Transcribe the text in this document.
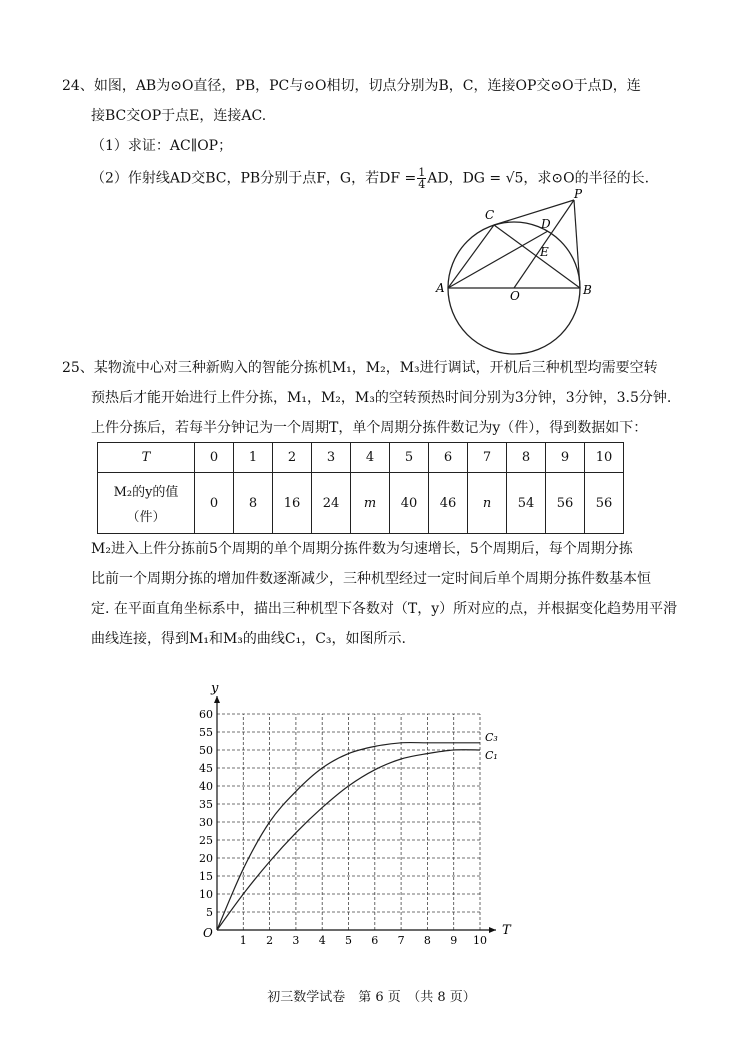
24、如图，AB为⊙O直径，PB，PC与⊙O相切，切点分别为B，C，连接OP交⊙O于点D，连
接BC交OP于点E，连接AC.
（1）求证：AC∥OP；
（2）作射线AD交BC，PB分别于点F，G，若DF = $\frac{1}{4}$ AD，DG = √5，求⊙O的半径的长.
A	B
C
D
E
O
P
25、某物流中心对三种新购入的智能分拣机M₁，M₂，M₃进行调试，开机后三种机型均需要空转
预热后才能开始进行上件分拣，M₁，M₂，M₃的空转预热时间分别为3分钟，3分钟，3.5分钟.
上件分拣后，若每半分钟记为一个周期T，单个周期分拣件数记为y（件），得到数据如下：
T	0	1	2	3	4	5	6	7	8	9	10

M₂的y的值
（件）	0	8	16	24	m	40	46	n	54	56	56
M₂进入上件分拣前5个周期的单个周期分拣件数为匀速增长，5个周期后，每个周期分拣
比前一个周期分拣的增加件数逐渐减少，三种机型经过一定时间后单个周期分拣件数基本恒
定. 在平面直角坐标系中，描出三种机型下各数对（T，y）所对应的点，并根据变化趋势用平滑
曲线连接，得到M₁和M₃的曲线C₁，C₃，如图所示.
T
y
O
1 2 3 4 5 6 7 8 9 10
5
10
15
20
25
30
35
40
45
50
55
60
C₃
C₁
初三数学试卷　第 6 页　（共 8 页）
